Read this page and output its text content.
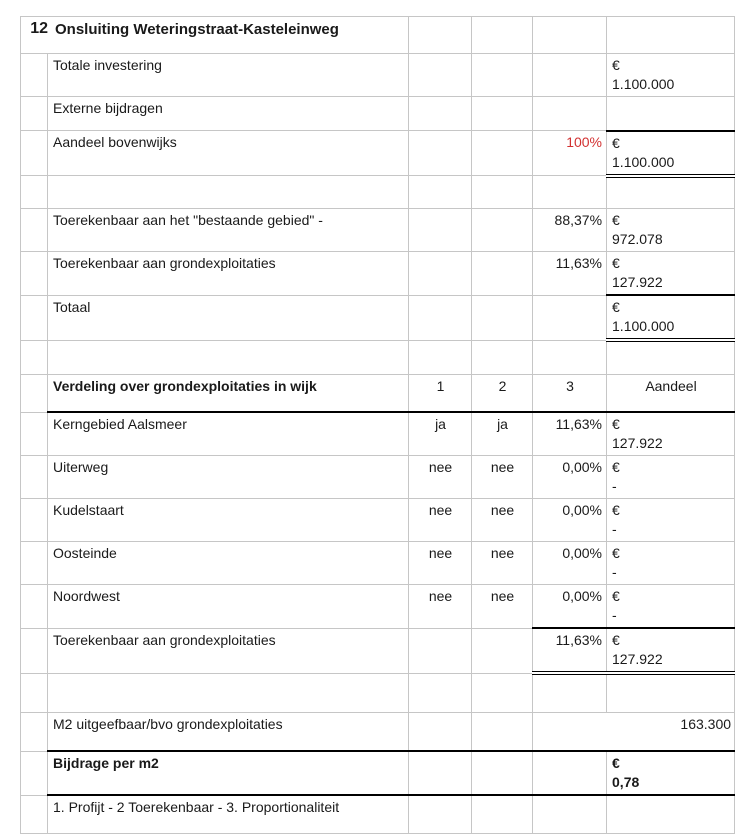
12 Onsluiting Weteringstraat-Kasteleinweg					

	Totale investering				€
1.100.000

	Externe bijdragen				
	Aandeel bovenwijks			100%	€
1.100.000

	Toerekenbaar aan het "bestaande gebied" -			88,37%	€
972.078

	Toerekenbaar aan grondexploitaties			11,63%	€
127.922

	Totaal				€
1.100.000

	Verdeling over grondexploitaties in wijk	1	2	3	Aandeel
	Kerngebied Aalsmeer	ja	ja	11,63%	€
127.922

	Uiterweg	nee	nee	0,00%	€
-

	Kudelstaart	nee	nee	0,00%	€
-

	Oosteinde	nee	nee	0,00%	€
-

	Noordwest	nee	nee	0,00%	€
-

	Toerekenbaar aan grondexploitaties			11,63%	€
127.922

	M2 uitgeefbaar/bvo grondexploitaties			163.300	
	Bijdrage per m2				€
0,78

	1. Profijt - 2 Toerekenbaar - 3. Proportionaliteit				
